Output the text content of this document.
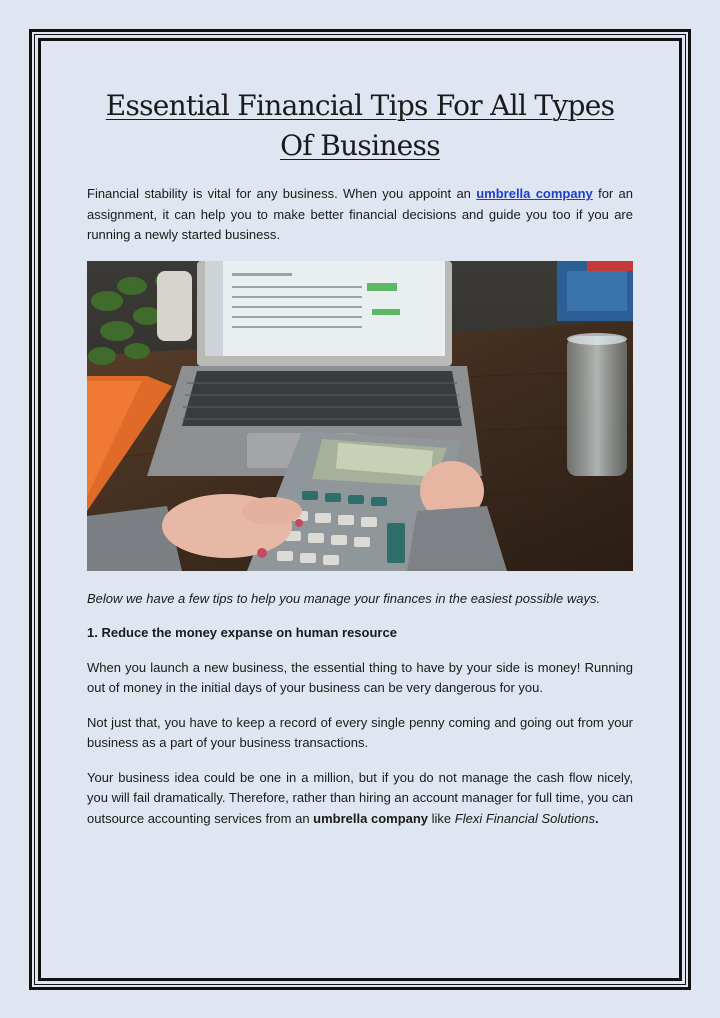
Essential Financial Tips For All Types
Of Business

Financial stability is vital for any business. When you appoint an umbrella company for an assignment, it can help you to make better financial decisions and guide you too if you are running a newly started business.

Below we have a few tips to help you manage your finances in the easiest possible ways.

1. Reduce the money expanse on human resource

When you launch a new business, the essential thing to have by your side is money! Running out of money in the initial days of your business can be very dangerous for you.

Not just that, you have to keep a record of every single penny coming and going out from your business as a part of your business transactions.

Your business idea could be one in a million, but if you do not manage the cash flow nicely, you will fail dramatically. Therefore, rather than hiring an account manager for full time, you can outsource accounting services from an umbrella company like Flexi Financial Solutions.
